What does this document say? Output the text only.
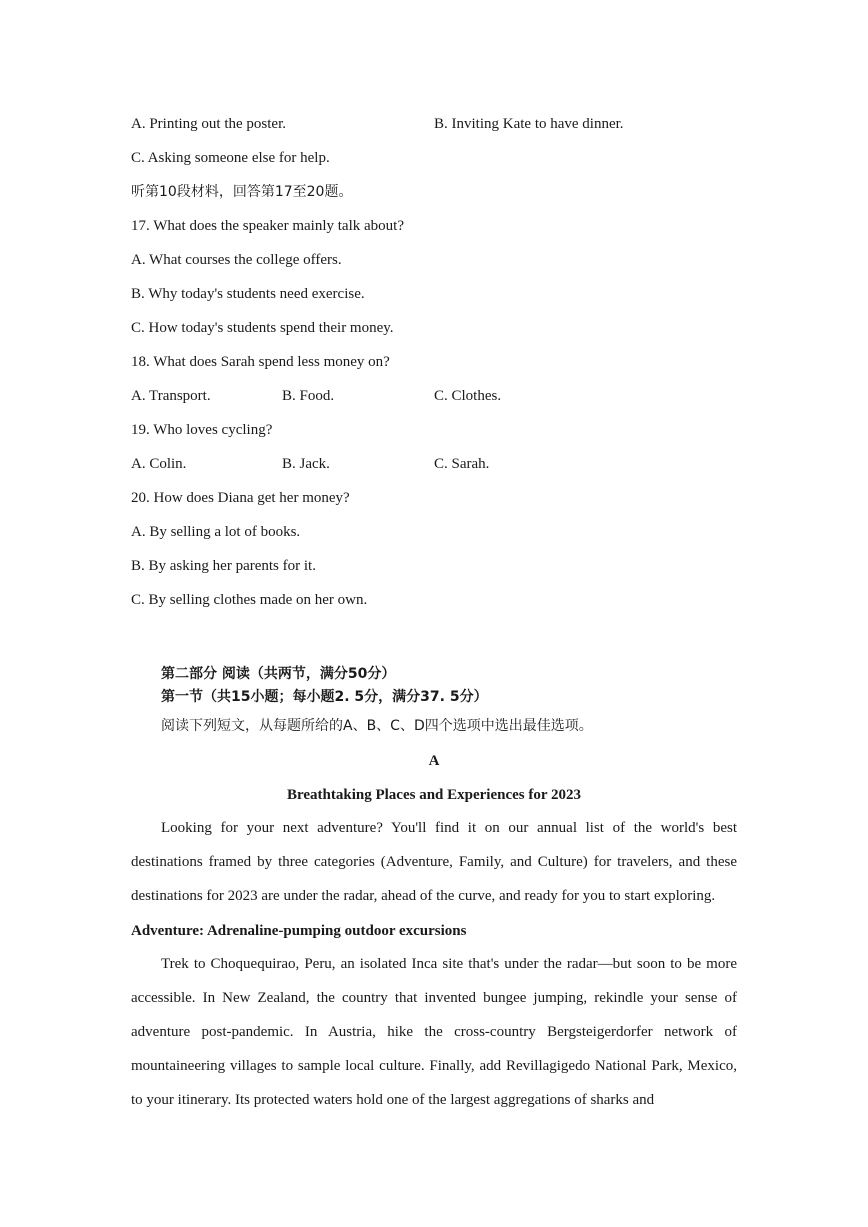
A. Printing out the poster.	B. Inviting Kate to have dinner.
C. Asking someone else for help.
听第10段材料，回答第17至20题。
17. What does the speaker mainly talk about?
A. What courses the college offers.
B. Why today's students need exercise.
C. How today's students spend their money.
18. What does Sarah spend less money on?
A. Transport.	B. Food.	C. Clothes.
19. Who loves cycling?
A. Colin.	B. Jack.	C. Sarah.
20. How does Diana get her money?
A. By selling a lot of books.
B. By asking her parents for it.
C. By selling clothes made on her own.
第二部分 阅读（共两节，满分50分）
第一节（共15小题；每小题2. 5分，满分37. 5分）
阅读下列短文，从每题所给的A、B、C、D四个选项中选出最佳选项。
A
Breathtaking Places and Experiences for 2023

Looking for your next adventure? You'll find it on our annual list of the world's best destinations framed by three categories (Adventure, Family, and Culture) for travelers, and these destinations for 2023 are under the radar, ahead of the curve, and ready for you to start exploring.

Adventure: Adrenaline-pumping outdoor excursions

Trek to Choquequirao, Peru, an isolated Inca site that's under the radar—but soon to be more accessible. In New Zealand, the country that invented bungee jumping, rekindle your sense of adventure post-pandemic. In Austria, hike the cross-country Bergsteigerdorfer network of mountaineering villages to sample local culture. Finally, add Revillagigedo National Park, Mexico, to your itinerary. Its protected waters hold one of the largest aggregations of sharks and
